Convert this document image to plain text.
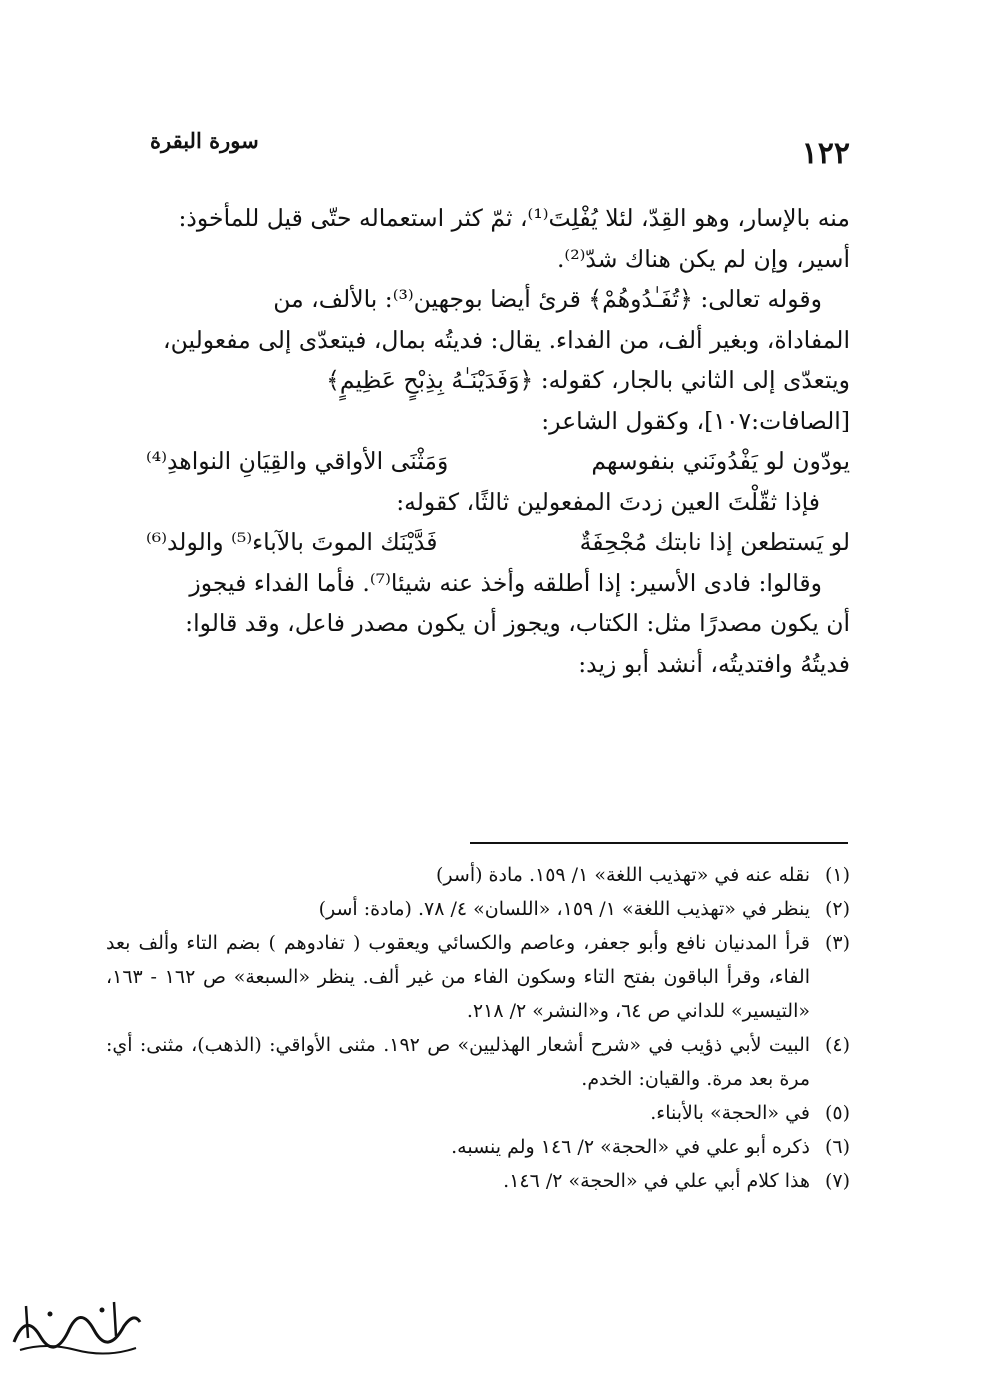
سورة البقرة	١٢٢

منه بالإسار، وهو القِدّ، لئلا يُفْلِتَ⁽¹⁾، ثمّ كثر استعماله حتّى قيل للمأخوذ:

أسير، وإن لم يكن هناك شدّ⁽²⁾.

وقوله تعالى: ﴿تُفَـٰدُوهُمْ﴾ قرئ أيضا بوجهين⁽³⁾: بالألف، من

المفاداة، وبغير ألف، من الفداء. يقال: فديتُه بمال، فيتعدّى إلى مفعولين،

ويتعدّى إلى الثاني بالجار، كقوله: ﴿وَفَدَيْنَـٰهُ بِذِبْحٍ عَظِيمٍ﴾

[الصافات:١٠٧]، وكقول الشاعر:

يودّون لو يَفْدُونَني بنفوسهم
وَمَثْنَى الأواقي والقِيَانِ النواهدِ⁽⁴⁾

فإذا ثقّلْتَ العين زدتَ المفعولين ثالثًا، كقوله:

لو يَستطعن إذا نابتك مُجْحِفَةٌ
فَدَّيْنَك الموتَ بالآباء⁽⁵⁾ والولد⁽⁶⁾

وقالوا: فادى الأسير: إذا أطلقه وأخذ عنه شيئا⁽⁷⁾. فأما الفداء فيجوز

أن يكون مصدرًا مثل: الكتاب، ويجوز أن يكون مصدر فاعل، وقد قالوا:

فديتُهُ وافتديتُه، أنشد أبو زيد:

(١)
نقله عنه في «تهذيب اللغة» ١/ ١٥٩. مادة (أسر)
(٢)
ينظر في «تهذيب اللغة» ١/ ١٥٩، «اللسان» ٤/ ٧٨. (مادة: أسر)
(٣)
قرأ المدنيان نافع وأبو جعفر، وعاصم والكسائي ويعقوب ( تفادوهم ) بضم التاء وألف بعد الفاء، وقرأ الباقون بفتح التاء وسكون الفاء من غير ألف. ينظر «السبعة» ص ١٦٢ - ١٦٣، «التيسير» للداني ص ٦٤، و«النشر» ٢/ ٢١٨.
(٤)
البيت لأبي ذؤيب في «شرح أشعار الهذليين» ص ١٩٢. مثنى الأواقي: (الذهب)، مثنى: أي: مرة بعد مرة. والقيان: الخدم.
(٥)
في «الحجة» بالأبناء.
(٦)
ذكره أبو علي في «الحجة» ٢/ ١٤٦ ولم ينسبه.
(٧)
هذا كلام أبي علي في «الحجة» ٢/ ١٤٦.
